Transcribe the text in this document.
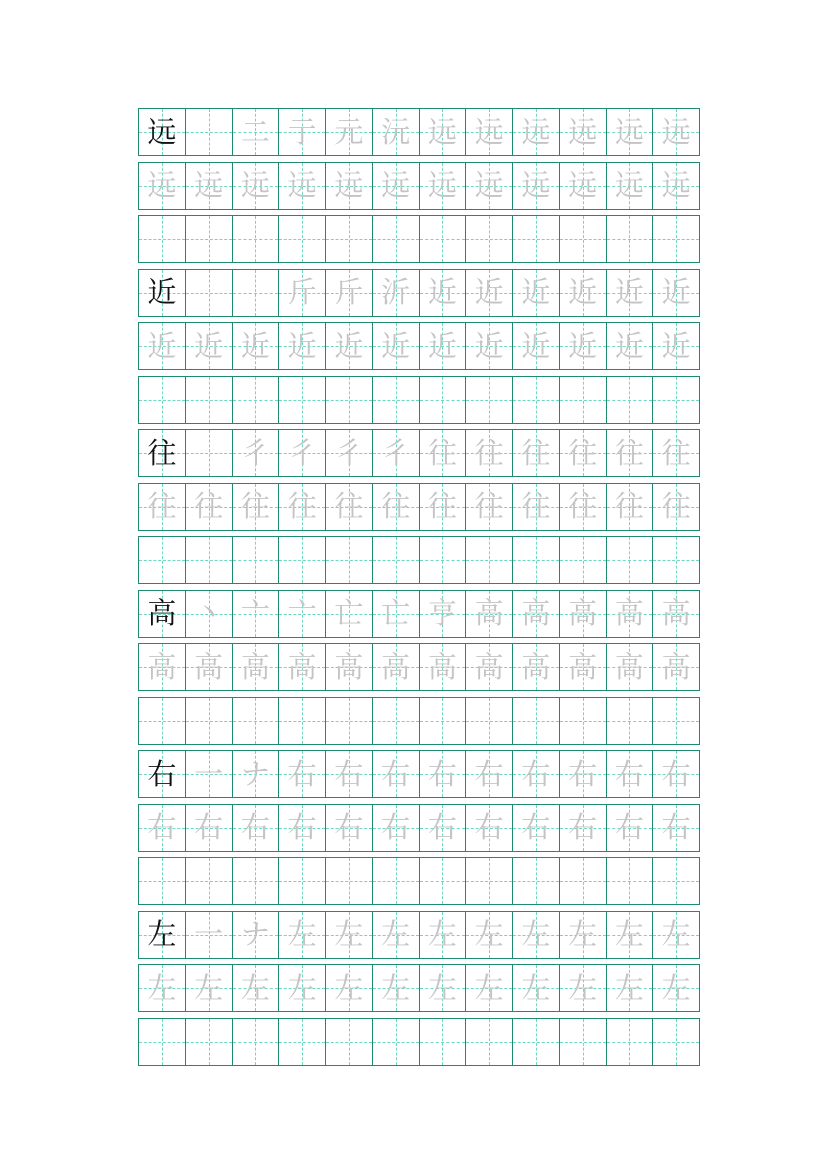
远 二 亍 元 沅 远 远 远 远 远 远
远 远 远 远 远 远 远 远 远 远 远 远
近	斤 斤 沂 近 近 近 近 近 近
近 近 近 近 近 近 近 近 近 近 近 近
往 彳 彳 彳 彳 往 往 往 往 往 往
往 往 往 往 往 往 往 往 往 往 往 往
高 丶 亠 亠 亡 亡 亨 高 高 高 高 高
高 高 高 高 高 高 高 高 高 高 高 高
右 一 ナ 右 右 右 右 右 右 右 右 右
右 右 右 右 右 右 右 右 右 右 右 右
左 一 ナ 左 左 左 左 左 左 左 左 左
左 左 左 左 左 左 左 左 左 左 左 左
